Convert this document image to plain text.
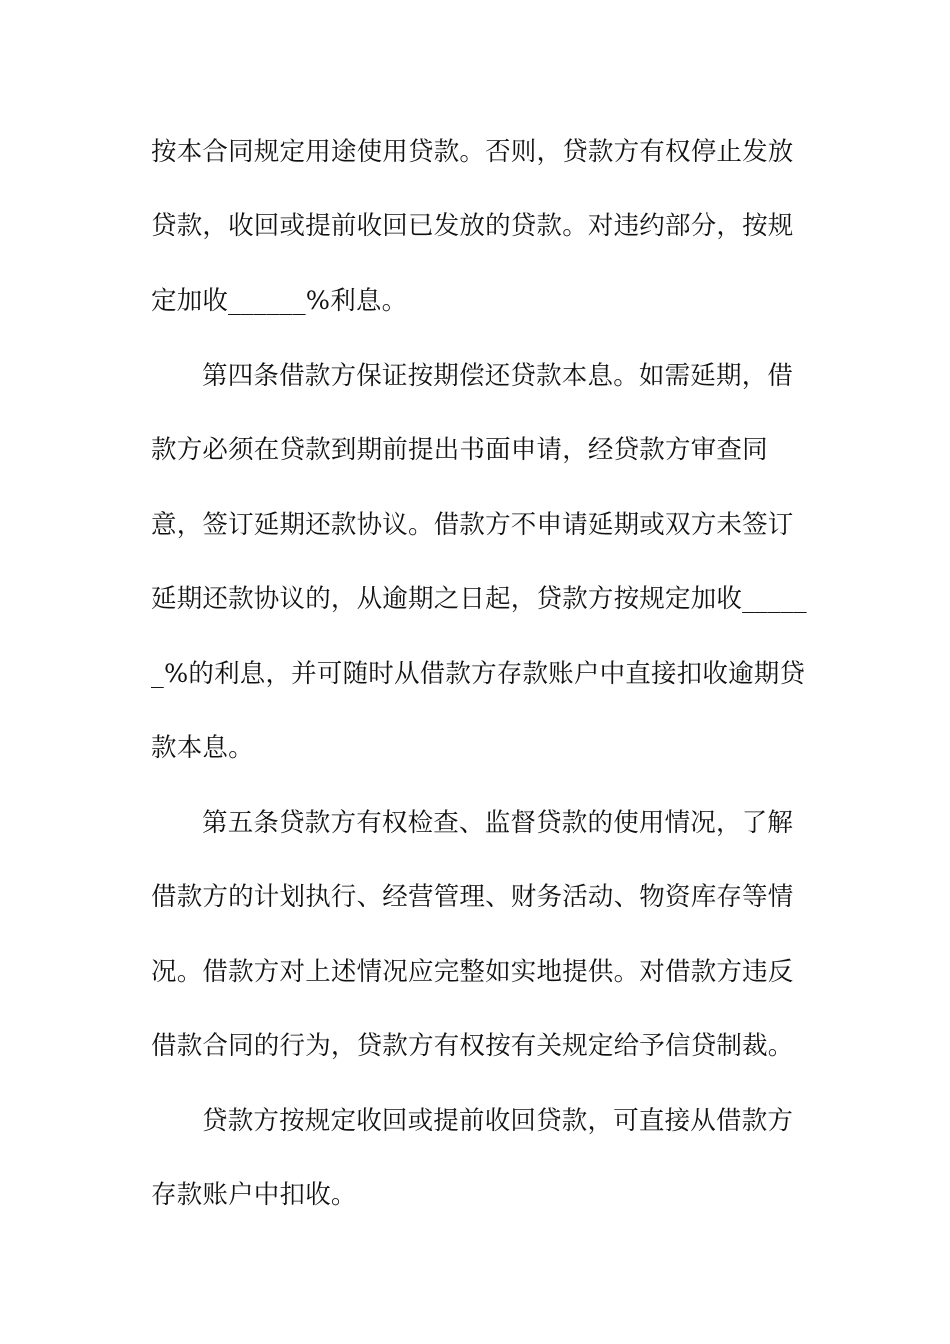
按本合同规定用途使用贷款。否则，贷款方有权停止发放
贷款，收回或提前收回已发放的贷款。对违约部分，按规
定加收______%利息。
第四条借款方保证按期偿还贷款本息。如需延期，借
款方必须在贷款到期前提出书面申请，经贷款方审查同
意，签订延期还款协议。借款方不申请延期或双方未签订
延期还款协议的，从逾期之日起，贷款方按规定加收_____
_%的利息，并可随时从借款方存款账户中直接扣收逾期贷
款本息。
第五条贷款方有权检查、监督贷款的使用情况，了解
借款方的计划执行、经营管理、财务活动、物资库存等情
况。借款方对上述情况应完整如实地提供。对借款方违反
借款合同的行为，贷款方有权按有关规定给予信贷制裁。
贷款方按规定收回或提前收回贷款，可直接从借款方
存款账户中扣收。
